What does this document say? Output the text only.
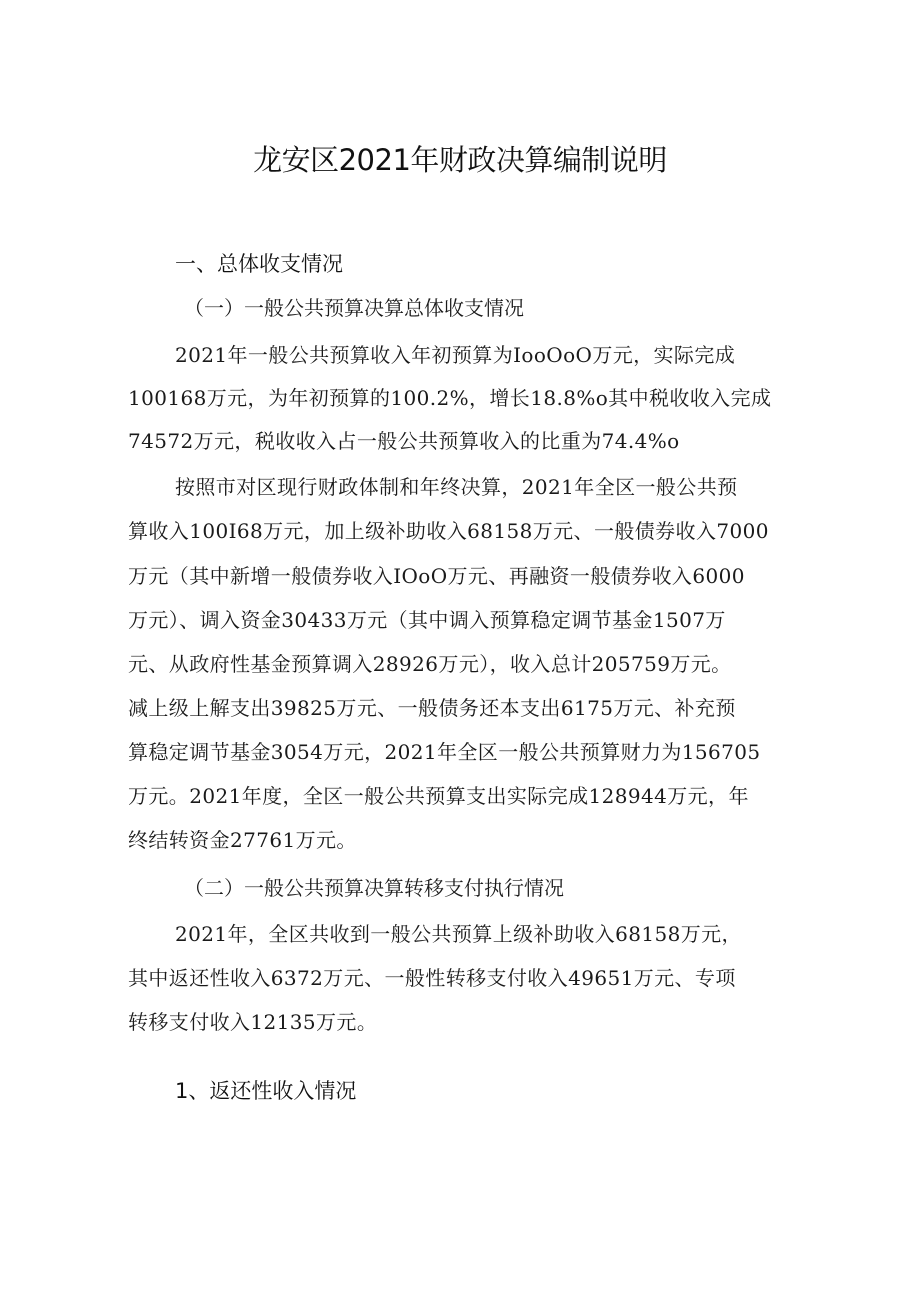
龙安区2021年财政决算编制说明
一、总体收支情况
（一）一般公共预算决算总体收支情况
2021年一般公共预算收入年初预算为IooOoO万元，实际完成
100168万元，为年初预算的100.2%，增长18.8%o其中税收收入完成
74572万元，税收收入占一般公共预算收入的比重为74.4%o
按照市对区现行财政体制和年终决算，2021年全区一般公共预
算收入100I68万元，加上级补助收入68158万元、一般债券收入7000
万元（其中新增一般债券收入IOoO万元、再融资一般债券收入6000
万元）、调入资金30433万元（其中调入预算稳定调节基金1507万
元、从政府性基金预算调入28926万元），收入总计205759万元。
减上级上解支出39825万元、一般债务还本支出6175万元、补充预
算稳定调节基金3054万元，2021年全区一般公共预算财力为156705
万元。2021年度，全区一般公共预算支出实际完成128944万元，年
终结转资金27761万元。
（二）一般公共预算决算转移支付执行情况
2021年，全区共收到一般公共预算上级补助收入68158万元，
其中返还性收入6372万元、一般性转移支付收入49651万元、专项
转移支付收入12135万元。
1、返还性收入情况
